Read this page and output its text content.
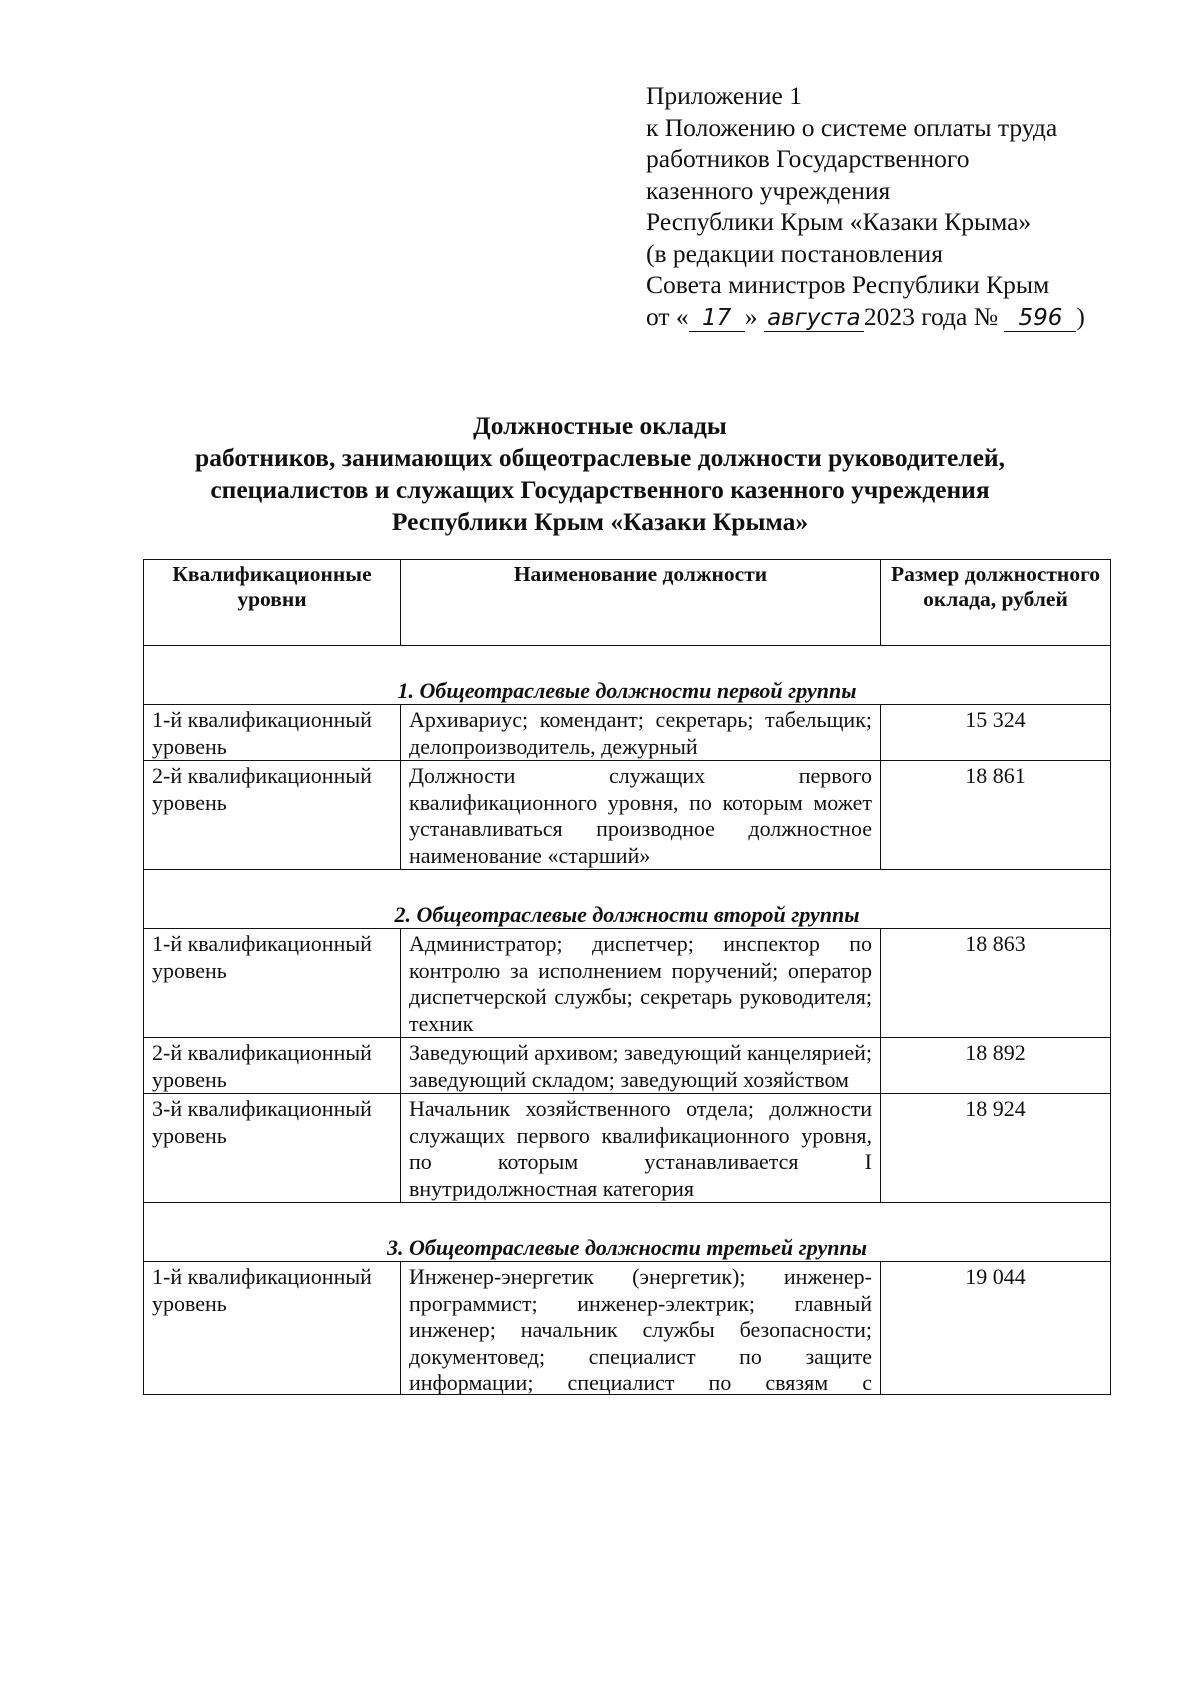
Приложение 1
к Положению о системе оплаты труда
работников Государственного
казенного учреждения
Республики Крым «Казаки Крыма»
(в редакции постановления
Совета министров Республики Крым
от « 17 » августа 2023 года № 596 )
Должностные оклады
работников, занимающих общеотраслевые должности руководителей,
специалистов и служащих Государственного казенного учреждения
Республики Крым «Казаки Крыма»
Квалификационные уровни	Наименование должности	Размер должностного оклада, рублей
1. Общеотраслевые должности первой группы		
1-й квалификационный уровень	Архивариус; комендант; секретарь; табельщик; делопроизводитель, дежурный	15 324
2-й квалификационный уровень	Должности служащих первого квалификационного уровня, по которым может устанавливаться производное должностное наименование «старший»	18 861
2. Общеотраслевые должности второй группы		
1-й квалификационный уровень	Администратор; диспетчер; инспектор по контролю за исполнением поручений; оператор диспетчерской службы; секретарь руководителя; техник	18 863
2-й квалификационный уровень	Заведующий архивом; заведующий канцелярией; заведующий складом; заведующий хозяйством	18 892
3-й квалификационный уровень	Начальник хозяйственного отдела; должности служащих первого квалификационного уровня, по которым устанавливается I внутридолжностная категория	18 924
3. Общеотраслевые должности третьей группы		

1-й квалификационный уровень	Инженер-энергетик (энергетик); инженер-программист; инженер-электрик; главный инженер; начальник службы безопасности; документовед; специалист по защите информации; специалист по связям с	19 044
